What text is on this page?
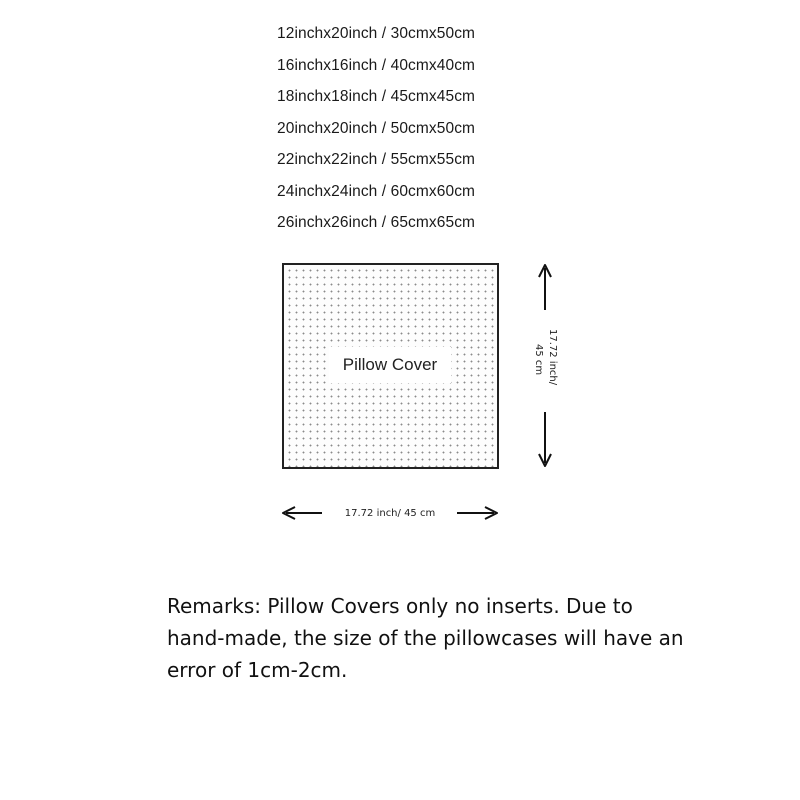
12inchx20inch / 30cmx50cm
16inchx16inch / 40cmx40cm
18inchx18inch / 45cmx45cm
20inchx20inch / 50cmx50cm
22inchx22inch / 55cmx55cm
24inchx24inch / 60cmx60cm
26inchx26inch / 65cmx65cm
Pillow Cover	17.72 inch/
45 cm
17.72 inch/ 45 cm

Remarks: Pillow Covers only no inserts. Due to hand-made, the size of the pillowcases will have an error of 1cm-2cm.
